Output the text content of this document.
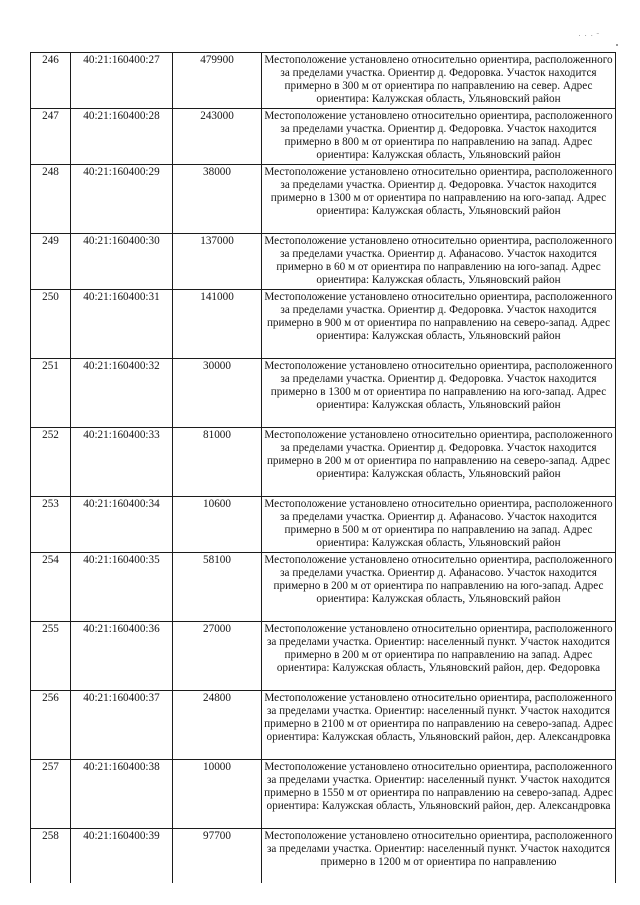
· · · ˉ
246	40:21:160400:27	479900	Местоположение установлено относительно ориентира, расположенного за пределами участка. Ориентир д. Федоровка. Участок находится примерно в 300 м от ориентира по направлению на север. Адрес ориентира: Калужская область, Ульяновский район
247	40:21:160400:28	243000	Местоположение установлено относительно ориентира, расположенного за пределами участка. Ориентир д. Федоровка. Участок находится примерно в 800 м от ориентира по направлению на запад. Адрес ориентира: Калужская область, Ульяновский район
248	40:21:160400:29	38000	Местоположение установлено относительно ориентира, расположенного за пределами участка. Ориентир д. Федоровка. Участок находится примерно в 1300 м от ориентира по направлению на юго-запад. Адрес ориентира: Калужская область, Ульяновский район
249	40:21:160400:30	137000	Местоположение установлено относительно ориентира, расположенного за пределами участка. Ориентир д. Афанасово. Участок находится примерно в 60 м от ориентира по направлению на юго-запад. Адрес ориентира: Калужская область, Ульяновский район
250	40:21:160400:31	141000	Местоположение установлено относительно ориентира, расположенного за пределами участка. Ориентир д. Федоровка. Участок находится примерно в 900 м от ориентира по направлению на северо-запад. Адрес ориентира: Калужская область, Ульяновский район
251	40:21:160400:32	30000	Местоположение установлено относительно ориентира, расположенного за пределами участка. Ориентир д. Федоровка. Участок находится примерно в 1300 м от ориентира по направлению на юго-запад. Адрес ориентира: Калужская область, Ульяновский район
252	40:21:160400:33	81000	Местоположение установлено относительно ориентира, расположенного за пределами участка. Ориентир д. Федоровка. Участок находится примерно в 200 м от ориентира по направлению на северо-запад. Адрес ориентира: Калужская область, Ульяновский район
253	40:21:160400:34	10600	Местоположение установлено относительно ориентира, расположенного за пределами участка. Ориентир д. Афанасово. Участок находится примерно в 500 м от ориентира по направлению на запад. Адрес ориентира: Калужская область, Ульяновский район
254	40:21:160400:35	58100	Местоположение установлено относительно ориентира, расположенного за пределами участка. Ориентир д. Афанасово. Участок находится примерно в 200 м от ориентира по направлению на юго-запад. Адрес ориентира: Калужская область, Ульяновский район
255	40:21:160400:36	27000	Местоположение установлено относительно ориентира, расположенного за пределами участка. Ориентир: населенный пункт. Участок находится примерно в 200 м от ориентира по направлению на запад. Адрес ориентира: Калужская область, Ульяновский район, дер. Федоровка
256	40:21:160400:37	24800	Местоположение установлено относительно ориентира, расположенного за пределами участка. Ориентир: населенный пункт. Участок находится примерно в 2100 м от ориентира по направлению на северо-запад. Адрес ориентира: Калужская область, Ульяновский район, дер. Александровка
257	40:21:160400:38	10000	Местоположение установлено относительно ориентира, расположенного за пределами участка. Ориентир: населенный пункт. Участок находится примерно в 1550 м от ориентира по направлению на северо-запад. Адрес ориентира: Калужская область, Ульяновский район, дер. Александровка
258	40:21:160400:39	97700	Местоположение установлено относительно ориентира, расположенного за пределами участка. Ориентир: населенный пункт. Участок находится примерно в 1200 м от ориентира по направлению
